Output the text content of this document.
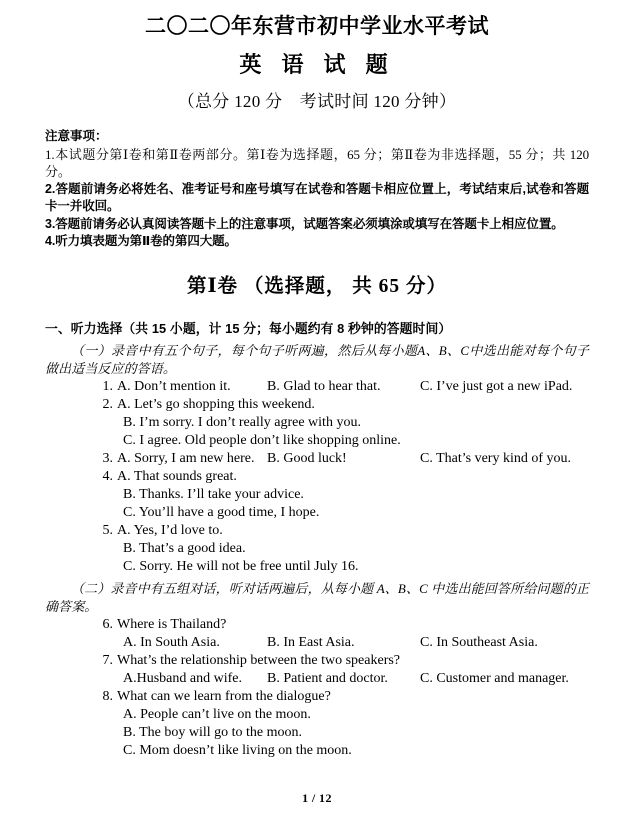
二〇二〇年东营市初中学业水平考试
英 语 试 题

（总分 120 分　考试时间 120 分钟）

注意事项：

1.本试题分第Ⅰ卷和第Ⅱ卷两部分。第Ⅰ卷为选择题，65 分；第Ⅱ卷为非选择题，55 分；共 120 分。

2.答题前请务必将姓名、准考证号和座号填写在试卷和答题卡相应位置上，考试结束后,试卷和答题卡一并收回。

3.答题前请务必认真阅读答题卡上的注意事项，试题答案必须填涂或填写在答题卡上相应位置。

4.听力填表题为第Ⅱ卷的第四大题。

第Ⅰ卷 （选择题， 共 65 分）
一、听力选择（共 15 小题，计 15 分；每小题约有 8 秒钟的答题时间）

（一）录音中有五个句子，每个句子听两遍，然后从每小题A、B、C中选出能对每个句子做出适当反应的答语。

1. A. Don’t mention it.	B. Glad to hear that.	C. I’ve just got a new iPad.
2. A. Let’s go shopping this weekend.
B. I’m sorry. I don’t really agree with you.
C. I agree. Old people don’t like shopping online.
3. A. Sorry, I am new here. B. Good luck!	C. That’s very kind of you.
4. A. That sounds great.
B. Thanks. I’ll take your advice.
C. You’ll have a good time, I hope.
5. A. Yes, I’d love to.
B. That’s a good idea.
C. Sorry. He will not be free until July 16.

（二）录音中有五组对话，听对话两遍后，从每小题 A、B、C 中选出能回答所给问题的正确答案。

6. Where is Thailand?
A. In South Asia.	B. In East Asia.	C. In Southeast Asia.
7. What’s the relationship between the two speakers?
A.Husband and wife. B. Patient and doctor. C. Customer and manager.
8. What can we learn from the dialogue?
A. People can’t live on the moon.
B. The boy will go to the moon.
C. Mom doesn’t like living on the moon.
1 / 12
